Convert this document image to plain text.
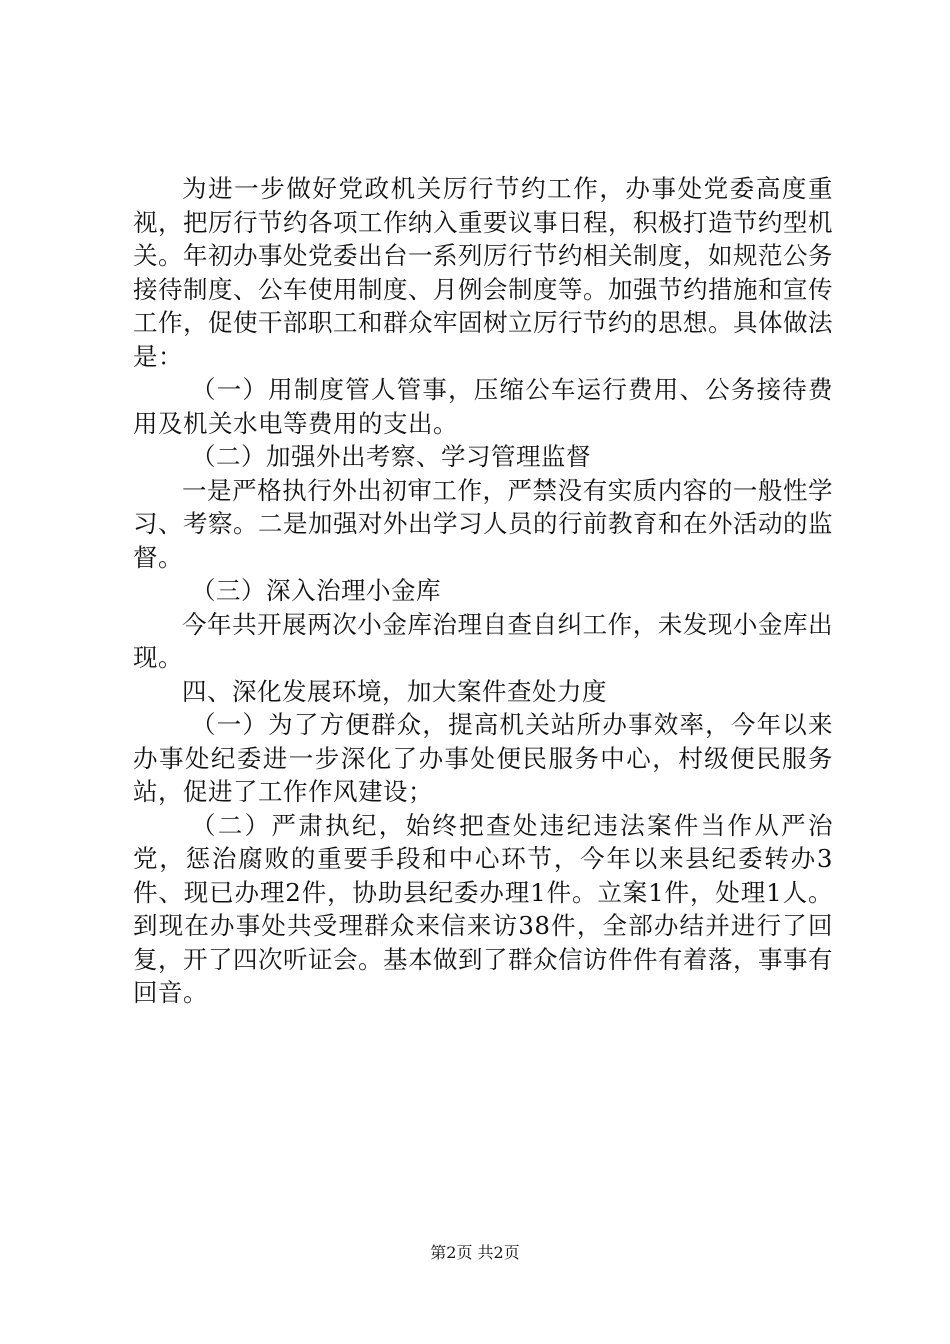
为进一步做好党政机关厉行节约工作，办事处党委高度重视，把厉行节约各项工作纳入重要议事日程，积极打造节约型机关。年初办事处党委出台一系列厉行节约相关制度，如规范公务接待制度、公车使用制度、月例会制度等。加强节约措施和宣传工作，促使干部职工和群众牢固树立厉行节约的思想。具体做法是：

（一）用制度管人管事，压缩公车运行费用、公务接待费用及机关水电等费用的支出。

（二）加强外出考察、学习管理监督

一是严格执行外出初审工作，严禁没有实质内容的一般性学习、考察。二是加强对外出学习人员的行前教育和在外活动的监督。

（三）深入治理小金库

今年共开展两次小金库治理自查自纠工作，未发现小金库出现。

四、深化发展环境，加大案件查处力度

（一）为了方便群众，提高机关站所办事效率，今年以来办事处纪委进一步深化了办事处便民服务中心，村级便民服务站，促进了工作作风建设；

（二）严肃执纪，始终把查处违纪违法案件当作从严治党，惩治腐败的重要手段和中心环节，今年以来县纪委转办3件、现已办理2件，协助县纪委办理1件。立案1件，处理1人。到现在办事处共受理群众来信来访38件，全部办结并进行了回复，开了四次听证会。基本做到了群众信访件件有着落，事事有回音。

第2页 共2页
